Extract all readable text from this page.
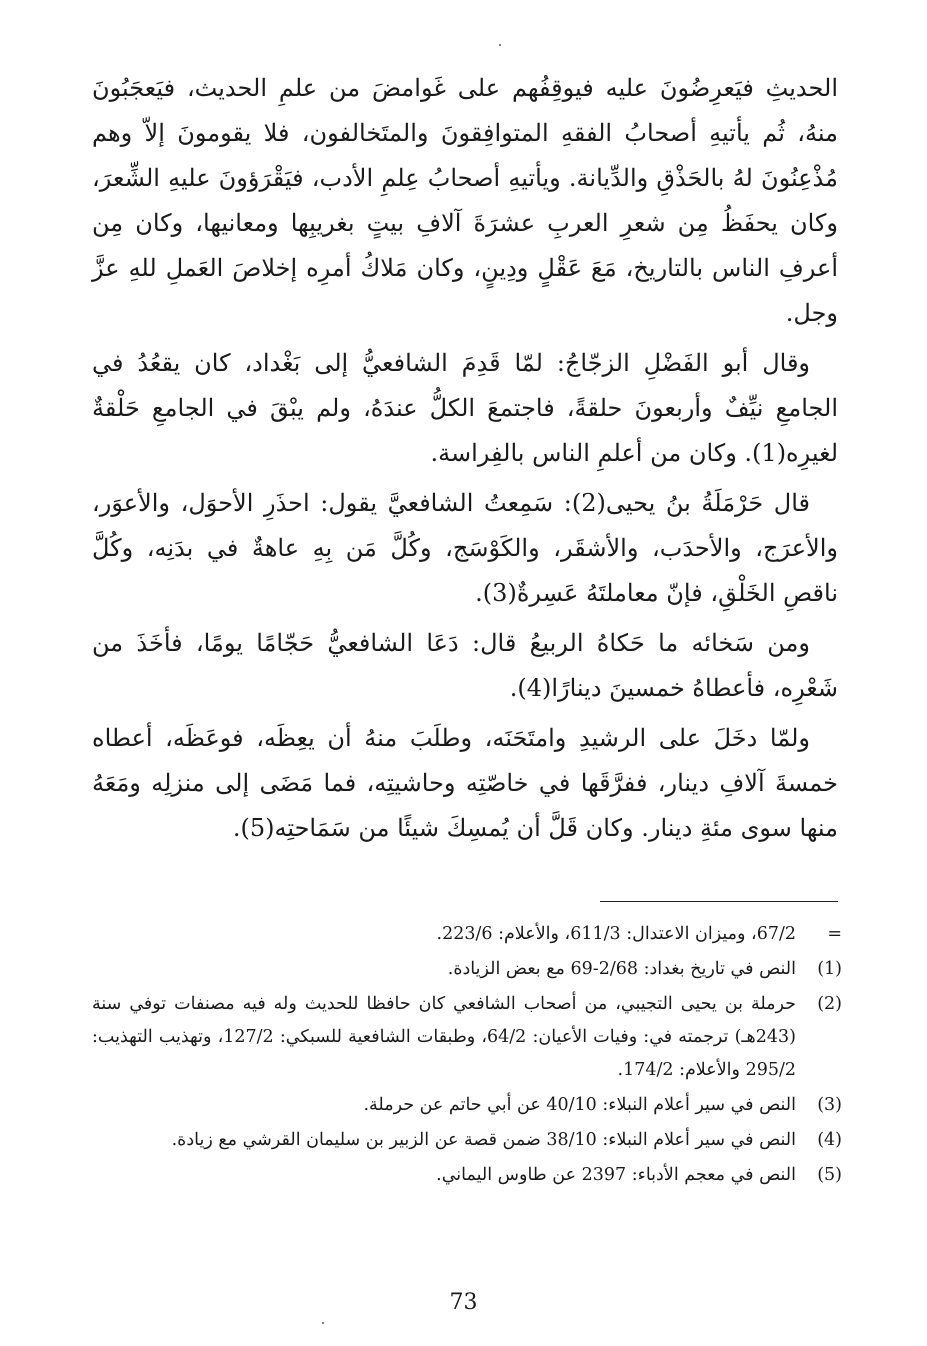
الحديثِ فيَعرِضُونَ عليه فيوقِفُهم على غَوامضَ من علمِ الحديث، فيَعجَبُونَ منهُ، ثُم يأتيهِ أصحابُ الفقهِ المتوافِقونَ والمتَخالفون، فلا يقومونَ إلاّ وهم مُذْعِنُونَ لهُ بالحَذْقِ والدِّيانة. ويأتيهِ أصحابُ عِلمِ الأدب، فيَقْرَؤونَ عليهِ الشِّعرَ، وكان يحفَظُ مِن شعرِ العربِ عشرَةَ آلافِ بيتٍ بغريبِها ومعانيها، وكان مِن أعرفِ الناس بالتاريخ، مَعَ عَقْلٍ ودِينٍ، وكان مَلاكُ أمرِه إخلاصَ العَملِ للهِ عزَّ وجل.

وقال أبو الفَضْلِ الزجّاجُ: لمّا قَدِمَ الشافعيُّ إلى بَغْداد، كان يقعُدُ في الجامعِ نيِّفٌ وأربعونَ حلقةً، فاجتمعَ الكلُّ عندَهُ، ولم يبْقَ في الجامعِ حَلْقةٌ لغيرِه(1). وكان من أعلمِ الناس بالفِراسة.

قال حَرْمَلَةُ بنُ يحيى(2): سَمِعتُ الشافعيَّ يقول: احذَرِ الأحوَل، والأعوَر، والأعرَج، والأحدَب، والأشقَر، والكَوْسَج، وكُلَّ مَن بِهِ عاهةٌ في بدَنِه، وكُلَّ ناقصِ الخَلْقِ، فإنّ معاملتَهُ عَسِرةٌ(3).

ومن سَخائه ما حَكاهُ الربيعُ قال: دَعَا الشافعيُّ حَجّامًا يومًا، فأخَذَ من شَعْرِه، فأعطاهُ خمسينَ دينارًا(4).

ولمّا دخَلَ على الرشيدِ وامتَحَنَه، وطلَبَ منهُ أن يعِظَه، فوعَظَه، أعطاه خمسةَ آلافِ دينار، ففرَّقَها في خاصّتِه وحاشيتِه، فما مَضَى إلى منزلِه ومَعَهُ منها سوى مئةِ دينار. وكان قَلَّ أن يُمسِكَ شيئًا من سَمَاحتِه(5).

=
67/2، وميزان الاعتدال: 611/3، والأعلام: 223/6.
(1)
النص في تاريخ بغداد: 2/68-69 مع بعض الزيادة.
(2)
حرملة بن يحيى التجيبي، من أصحاب الشافعي كان حافظا للحديث وله فيه مصنفات توفي سنة (243هـ) ترجمته في: وفيات الأعيان: 64/2، وطبقات الشافعية للسبكي: 127/2، وتهذيب التهذيب: 295/2 والأعلام: 174/2.
(3)
النص في سير أعلام النبلاء: 40/10 عن أبي حاتم عن حرملة.
(4)
النص في سير أعلام النبلاء: 38/10 ضمن قصة عن الزبير بن سليمان القرشي مع زيادة.
(5)
النص في معجم الأدباء: 2397 عن طاوس اليماني.
73
